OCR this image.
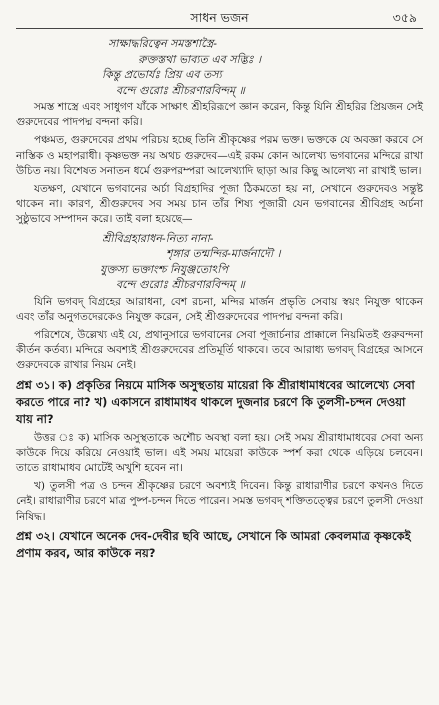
সাধন ভজন	৩৫৯
সাক্ষাদ্ধরিত্বেন সমস্তশাস্ত্রৈ-
রুক্তস্তথা ভাব্যত এব সদ্ভিঃ ।
কিন্তু প্রভোর্যঃ প্রিয় এব তস্য
বন্দে গুরোঃ শ্রীচরণারবিন্দম্ ॥

সমস্ত শাস্ত্রে এবং সাধুগণ যাঁকে সাক্ষাৎ শ্রীহরিরূপে জ্ঞান করেন, কিন্তু যিনি শ্রীহরির প্রিয়জন সেই গুরুদেবের পাদপদ্ম বন্দনা করি।

পঞ্চমত, গুরুদেবের প্রথম পরিচয় হচ্ছে তিনি শ্রীকৃষ্ণের পরম ভক্ত। ভক্তকে যে অবজ্ঞা করবে সে নাস্তিক ও মহাপরাধী। কৃষ্ণভক্ত নয় অথচ গুরুদেব—এই রকম কোন আলেখ্য ভগবানের মন্দিরে রাখা উচিত নয়। বিশেষত সনাতন ধর্মে গুরুপরম্পরা আলেখ্যাদি ছাড়া আর কিছু আলেখ্য না রাখাই ভাল।

যতক্ষণ, যেখানে ভগবানের অর্চা বিগ্রহাদির পূজা ঠিকমতো হয় না, সেখানে গুরুদেবও সন্তুষ্ট থাকেন না। কারণ, শ্রীগুরুদেব সব সময় চান তাঁর শিষ্য পূজারী যেন ভগবানের শ্রীবিগ্রহ অর্চনা সুষ্ঠুভাবে সম্পাদন করে। তাই বলা হয়েছে—

শ্রীবিগ্রহারাধন-নিত্য নানা-
শৃঙ্গার তন্মন্দির-মার্জনাদৌ ।
যুক্তস্য ভক্তাংশ্চ নিযুঞ্জতোঽপি
বন্দে গুরোঃ শ্রীচরণারবিন্দম্ ॥

যিনি ভগবদ্ বিগ্রহের আরাধনা, বেশ রচনা, মন্দির মার্জন প্রভৃতি সেবায় স্বয়ং নিযুক্ত থাকেন এবং তাঁর অনুগতদেরকেও নিযুক্ত করেন, সেই শ্রীগুরুদেবের পাদপদ্ম বন্দনা করি।

পরিশেষে, উল্লেখ্য এই যে, প্রথানুসারে ভগবানের সেবা পূজার্চনার প্রাক্কালে নিয়মিতই গুরুবন্দনা কীর্তন কর্তব্য। মন্দিরে অবশ্যই শ্রীগুরুদেবের প্রতিমূর্তি থাকবে। তবে আরাধ্য ভগবদ্ বিগ্রহের আসনে গুরুদেবকে রাখার নিয়ম নেই।

প্রশ্ন ৩১। ক) প্রকৃতির নিয়মে মাসিক অসুস্থতায় মায়েরা কি শ্রীরাধামাধবের আলেখ্যে সেবা করতে পারে না? খ) একাসনে রাধামাধব থাকলে দুজনার চরণে কি তুলসী-চন্দন দেওয়া যায় না?

উত্তর ঃ ক) মাসিক অসুস্থতাকে অশৌচ অবস্থা বলা হয়। সেই সময় শ্রীরাধামাধবের সেবা অন্য কাউকে দিয়ে করিয়ে নেওয়াই ভাল। এই সময় মায়েরা কাউকে স্পর্শ করা থেকে এড়িয়ে চলবেন। তাতে রাধামাধব মোটেই অখুশি হবেন না।

খ) তুলসী পত্র ও চন্দন শ্রীকৃষ্ণের চরণে অবশ্যই দিবেন। কিন্তু রাধারাণীর চরণে কখনও দিতে নেই। রাধারাণীর চরণে মাত্র পুষ্প-চন্দন দিতে পারেন। সমস্ত ভগবদ্ শক্তিতত্ত্বের চরণে তুলসী দেওয়া নিষিদ্ধ।

প্রশ্ন ৩২। যেখানে অনেক দেব-দেবীর ছবি আছে, সেখানে কি আমরা কেবলমাত্র কৃষ্ণকেই প্রণাম করব, আর কাউকে নয়?
